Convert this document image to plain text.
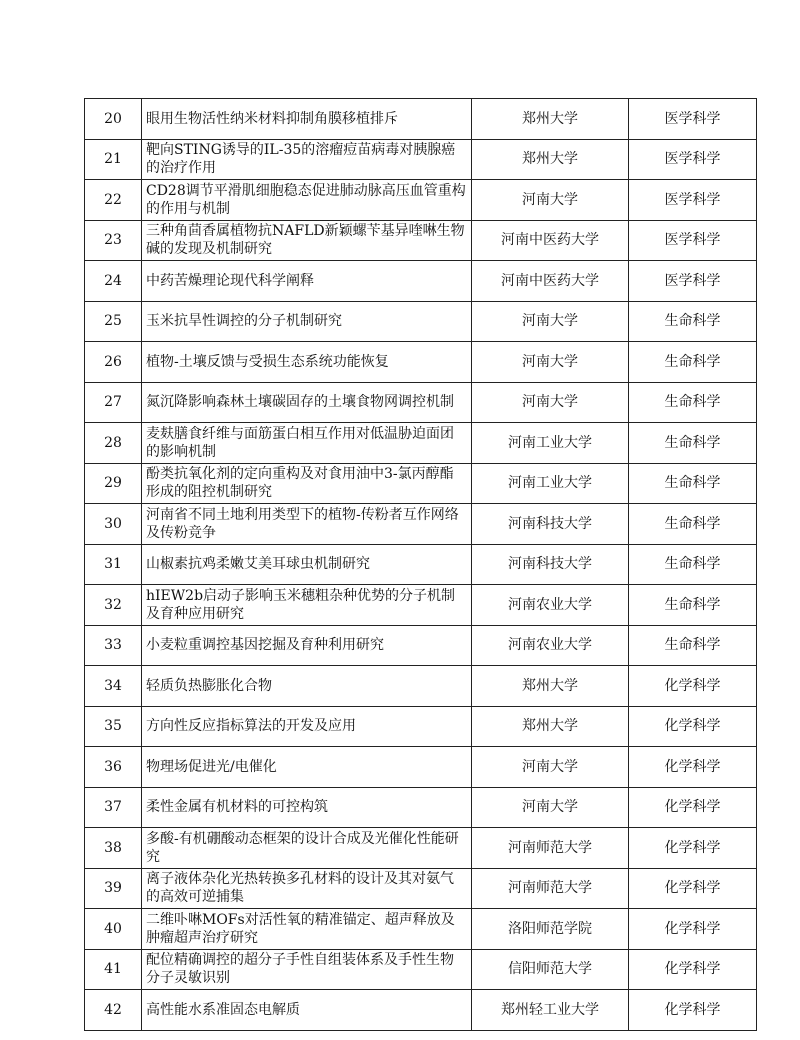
20	眼用生物活性纳米材料抑制角膜移植排斥	郑州大学	医学科学
21	靶向STING诱导的IL-35的溶瘤痘苗病毒对胰腺癌的治疗作用	郑州大学	医学科学
22	CD28调节平滑肌细胞稳态促进肺动脉高压血管重构的作用与机制	河南大学	医学科学
23	三种角茴香属植物抗NAFLD新颖螺苄基异喹啉生物碱的发现及机制研究	河南中医药大学	医学科学
24	中药苦燥理论现代科学阐释	河南中医药大学	医学科学
25	玉米抗旱性调控的分子机制研究	河南大学	生命科学
26	植物-土壤反馈与受损生态系统功能恢复	河南大学	生命科学
27	氮沉降影响森林土壤碳固存的土壤食物网调控机制	河南大学	生命科学
28	麦麸膳食纤维与面筋蛋白相互作用对低温胁迫面团的影响机制	河南工业大学	生命科学
29	酚类抗氧化剂的定向重构及对食用油中3-氯丙醇酯形成的阻控机制研究	河南工业大学	生命科学
30	河南省不同土地利用类型下的植物-传粉者互作网络及传粉竞争	河南科技大学	生命科学
31	山椒素抗鸡柔嫩艾美耳球虫机制研究	河南科技大学	生命科学
32	hIEW2b启动子影响玉米穗粗杂种优势的分子机制及育种应用研究	河南农业大学	生命科学
33	小麦粒重调控基因挖掘及育种利用研究	河南农业大学	生命科学
34	轻质负热膨胀化合物	郑州大学	化学科学
35	方向性反应指标算法的开发及应用	郑州大学	化学科学
36	物理场促进光/电催化	河南大学	化学科学
37	柔性金属有机材料的可控构筑	河南大学	化学科学
38	多酸-有机硼酸动态框架的设计合成及光催化性能研究	河南师范大学	化学科学
39	离子液体杂化光热转换多孔材料的设计及其对氨气的高效可逆捕集	河南师范大学	化学科学
40	二维卟啉MOFs对活性氧的精准锚定、超声释放及肿瘤超声治疗研究	洛阳师范学院	化学科学
41	配位精确调控的超分子手性自组装体系及手性生物分子灵敏识别	信阳师范大学	化学科学
42	高性能水系准固态电解质	郑州轻工业大学	化学科学
